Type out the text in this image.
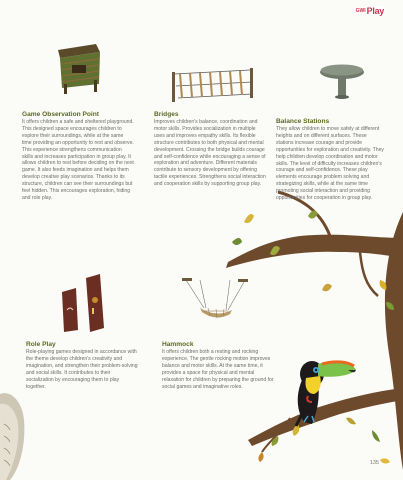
GWIPlay
Game Observation Point

It offers children a safe and sheltered playground. This designed space encourages children to explore their surroundings, while at the same time providing an opportunity to rest and observe. This experience strengthens communication skills and increases participation in group play. It allows children to rest before deciding on the next game. It also feeds imagination and helps them develop creative play scenarios. Thanks to its structure, children can see their surroundings but feel hidden. This encourages exploration, hiding and role play.

Bridges

Improves children's balance, coordination and motor skills. Provides socialization in multiple uses and improves empathy skills. Its flexible structure contributes to both physical and mental development. Crossing the bridge builds courage and self-confidence while encouraging a sense of exploration and adventure. Different materials contribute to sensory development by offering tactile experiences. Strengthens social interaction and cooperation skills by supporting group play.

Balance Stations

They allow children to move safely at different heights and on different surfaces. These stations increase courage and provide opportunities for exploration and creativity. They help children develop coordination and motor skills. The level of difficulty increases children's courage and self-confidence. These play elements encourage problem solving and strategizing skills, while at the same time promoting social interaction and providing opportunities for cooperation in group play.

Role Play

Role-playing games designed in accordance with the theme develop children's creativity and imagination, and strengthen their problem-solving and social skills. It contributes to their socialization by encouraging them to play together.

Hammock

It offers children both a resting and rocking experience. The gentle rocking motion improves balance and motor skills. At the same time, it provides a space for physical and mental relaxation for children by preparing the ground for social games and imaginative roles.

135
